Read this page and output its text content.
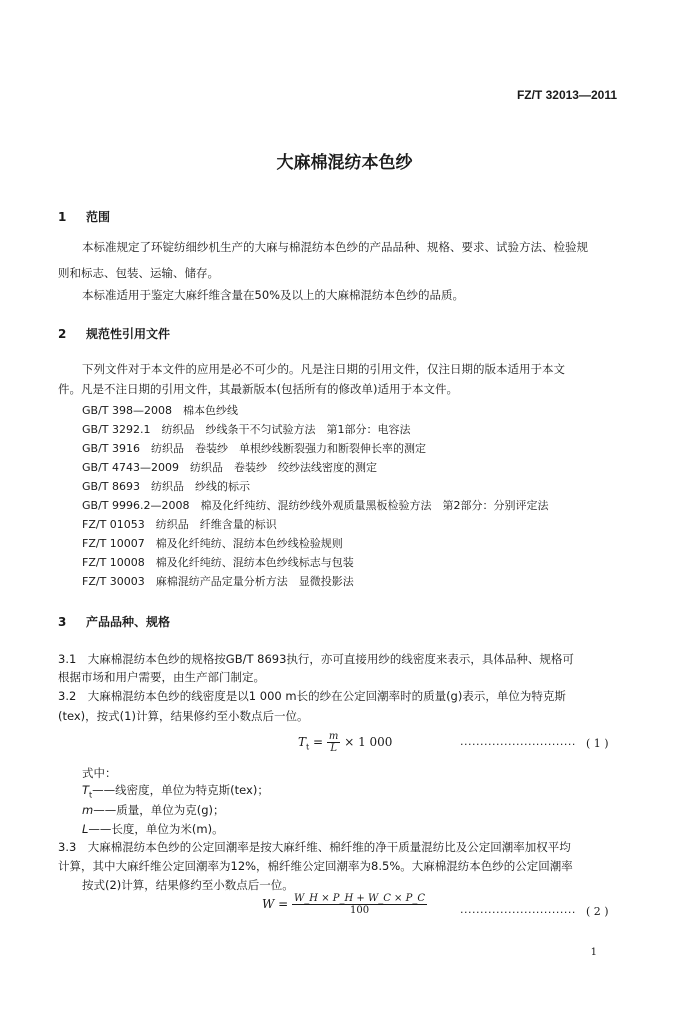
FZ/T 32013—2011
大麻棉混纺本色纱
1 范围
本标准规定了环锭纺细纱机生产的大麻与棉混纺本色纱的产品品种、规格、要求、试验方法、检验规
则和标志、包装、运输、储存。
本标准适用于鉴定大麻纤维含量在50%及以上的大麻棉混纺本色纱的品质。
2 规范性引用文件
下列文件对于本文件的应用是必不可少的。凡是注日期的引用文件，仅注日期的版本适用于本文
件。凡是不注日期的引用文件，其最新版本(包括所有的修改单)适用于本文件。
GB/T 398—2008　棉本色纱线
GB/T 3292.1　纺织品　纱线条干不匀试验方法　第1部分：电容法
GB/T 3916　纺织品　卷装纱　单根纱线断裂强力和断裂伸长率的测定
GB/T 4743—2009　纺织品　卷装纱　绞纱法线密度的测定
GB/T 8693　纺织品　纱线的标示
GB/T 9996.2—2008　棉及化纤纯纺、混纺纱线外观质量黑板检验方法　第2部分：分别评定法
FZ/T 01053　纺织品　纤维含量的标识
FZ/T 10007　棉及化纤纯纺、混纺本色纱线检验规则
FZ/T 10008　棉及化纤纯纺、混纺本色纱线标志与包装
FZ/T 30003　麻棉混纺产品定量分析方法　显微投影法
3 产品品种、规格
3.1　大麻棉混纺本色纱的规格按GB/T 8693执行，亦可直接用纱的线密度来表示，具体品种、规格可
根据市场和用户需要，由生产部门制定。
3.2　大麻棉混纺本色纱的线密度是以1 000 m长的纱在公定回潮率时的质量(g)表示，单位为特克斯
(tex)，按式(1)计算，结果修约至小数点后一位。
$T_t = \frac{m}{L} \times 1$ 000	····························· ( 1 )
式中：
$T_t——$线密度，单位为特克斯(tex)；
m——质量，单位为克(g)；
L——长度，单位为米(m)。
3.3　大麻棉混纺本色纱的公定回潮率是按大麻纤维、棉纤维的净干质量混纺比及公定回潮率加权平均
计算，其中大麻纤维公定回潮率为12%，棉纤维公定回潮率为8.5%。大麻棉混纺本色纱的公定回潮率
按式(2)计算，结果修约至小数点后一位。
$W = \frac{W\_H \times P\_H + W\_C \times P\_C}{100}$	····························· ( 2 )
1
